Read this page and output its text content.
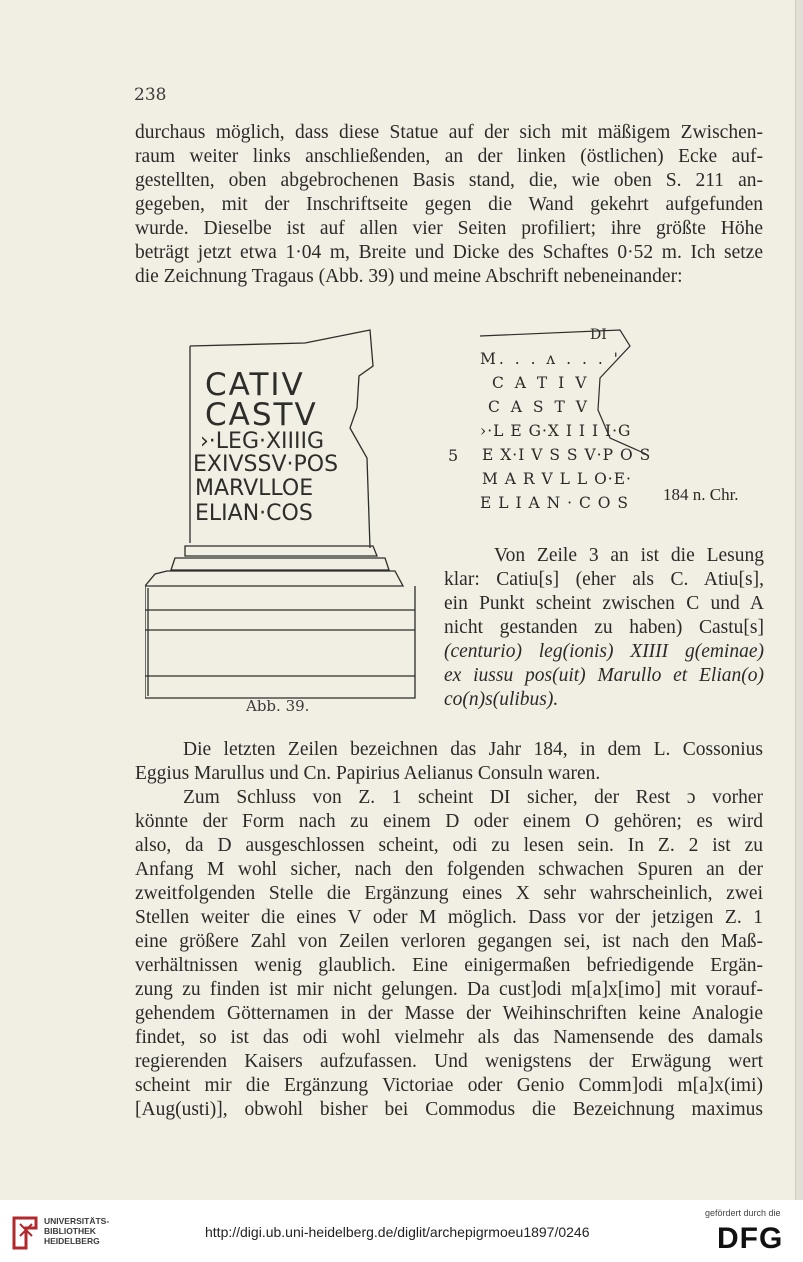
238
durchaus möglich, dass diese Statue auf der sich mit mäßigem Zwischen-
raum weiter links anschließenden, an der linken (östlichen) Ecke auf-
gestellten, oben abgebrochenen Basis stand, die, wie oben S. 211 an-
gegeben, mit der Inschriftseite gegen die Wand gekehrt aufgefunden
wurde. Dieselbe ist auf allen vier Seiten profiliert; ihre größte Höhe
beträgt jetzt etwa 1·04 m, Breite und Dicke des Schaftes 0·52 m. Ich setze
die Zeichnung Tragaus (Abb. 39) und meine Abschrift nebeneinander:
CATIV
CASTV
›·LEG·XIIIIG
EXIVSSV·POS
MARVLLOE
ELIAN·COS
Abb. 39.
DI
M. . . ʌ . . . '
C A T I V
C A S T V
›·L E G·X I I I I·G
E X·I V S S V·P O S
M A R V L L O·E·
E L I A N · C O S
5
184 n. Chr.
Von Zeile 3 an ist die Lesung
klar: Catiu[s] (eher als C. Atiu[s],
ein Punkt scheint zwischen C und A
nicht gestanden zu haben) Castu[s]
(centurio) leg(ionis) XIIII g(eminae)
ex iussu pos(uit) Marullo et Elian(o)
co(n)s(ulibus).
Die letzten Zeilen bezeichnen das Jahr 184, in dem L. Cossonius
Eggius Marullus und Cn. Papirius Aelianus Consuln waren.
Zum Schluss von Z. 1 scheint DI sicher, der Rest ɔ vorher
könnte der Form nach zu einem D oder einem O gehören; es wird
also, da D ausgeschlossen scheint, odi zu lesen sein. In Z. 2 ist zu
Anfang M wohl sicher, nach den folgenden schwachen Spuren an der
zweitfolgenden Stelle die Ergänzung eines X sehr wahrscheinlich, zwei
Stellen weiter die eines V oder M möglich. Dass vor der jetzigen Z. 1
eine größere Zahl von Zeilen verloren gegangen sei, ist nach den Maß-
verhältnissen wenig glaublich. Eine einigermaßen befriedigende Ergän-
zung zu finden ist mir nicht gelungen. Da cust]odi m[a]x[imo] mit vorauf-
gehendem Götternamen in der Masse der Weihinschriften keine Analogie
findet, so ist das odi wohl vielmehr als das Namensende des damals
regierenden Kaisers aufzufassen. Und wenigstens der Erwägung wert
scheint mir die Ergänzung Victoriae oder Genio Comm]odi m[a]x(imi)
[Aug(usti)], obwohl bisher bei Commodus die Bezeichnung maximus
UNIVERSITÄTS-
BIBLIOTHEK
HEIDELBERG
http://digi.ub.uni-heidelberg.de/diglit/archepigrmoeu1897/0246
gefördert durch die
DFG
